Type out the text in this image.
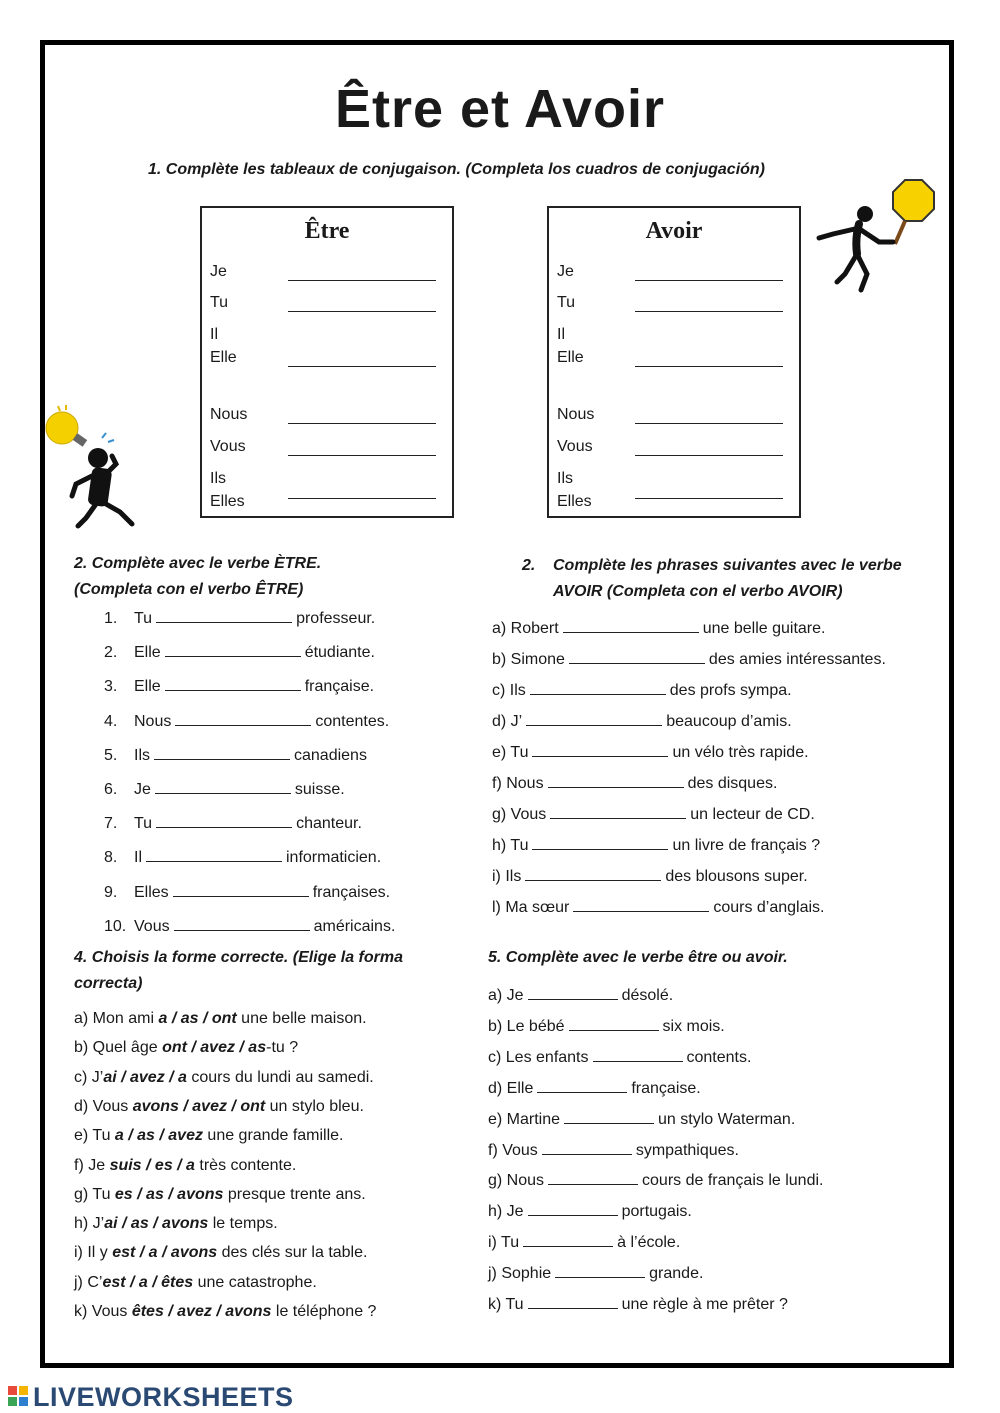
Être et Avoir
1. Complète les tableaux de conjugaison. (Completa los cuadros de conjugación)
Être
Je
Tu
Il
Elle
Nous
Vous
Ils
Elles
Avoir
Je
Tu
Il
Elle
Nous
Vous
Ils
Elles
2. Complète avec le verbe ÈTRE.
(Completa con el verbo ÊTRE)
1. Tu	professeur.
2. Elle	étudiante.
3. Elle	française.
4. Nous	contentes.
5. Ils	canadiens
6. Je	suisse.
7. Tu	chanteur.
8. Il	informaticien.
9. Elles	françaises.
10. Vous	américains.
2. Complète les phrases suivantes avec le verbe
AVOIR (Completa con el verbo AVOIR)
a) Robert	une belle guitare.
b) Simone	des amies intéressantes.
c) Ils	des profs sympa.
d) J’	beaucoup d’amis.
e) Tu	un vélo très rapide.
f) Nous	des disques.
g) Vous	un lecteur de CD.
h) Tu	un livre de français ?
i) Ils	des blousons super.
l) Ma sœur	cours d’anglais.
4. Choisis la forme correcte. (Elige la forma
correcta)
a) Mon ami a / as / ont une belle maison.
b) Quel âge ont / avez / as-tu ?
c) J’ai / avez / a cours du lundi au samedi.
d) Vous avons / avez / ont un stylo bleu.
e) Tu a / as / avez une grande famille.
f) Je suis / es / a très contente.
g) Tu es / as / avons presque trente ans.
h) J’ai / as / avons le temps.
i) Il y est / a / avons des clés sur la table.
j) C’est / a / êtes une catastrophe.
k) Vous êtes / avez / avons le téléphone ?
5. Complète avec le verbe être ou avoir.
a) Je	désolé.
b) Le bébé	six mois.
c) Les enfants	contents.
d) Elle	française.
e) Martine	un stylo Waterman.
f) Vous	sympathiques.
g) Nous	cours de français le lundi.
h) Je	portugais.
i) Tu	à l’école.
j) Sophie	grande.
k) Tu	une règle à me prêter ?
LIVEWORKSHEETS
